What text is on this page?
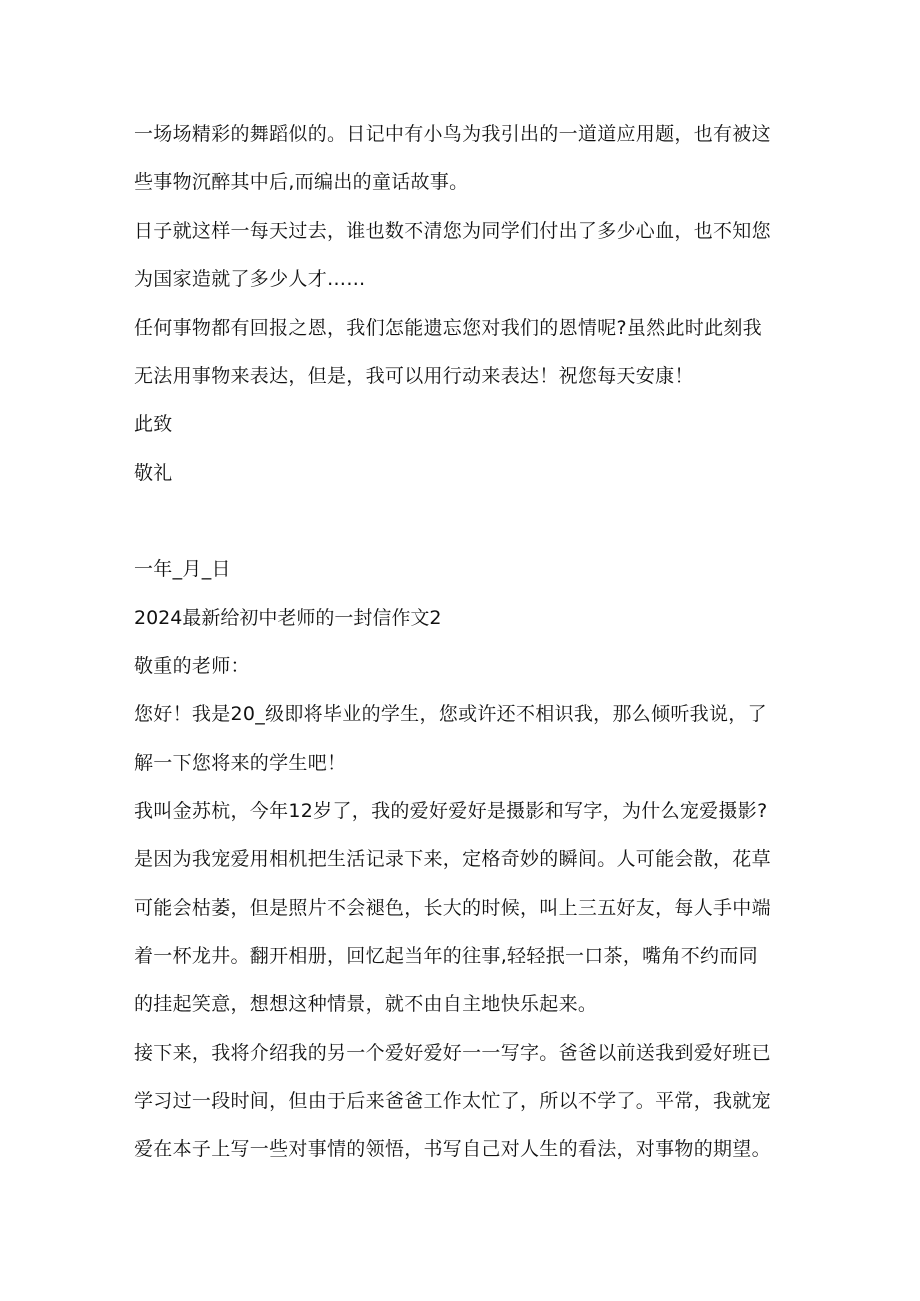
一场场精彩的舞蹈似的。日记中有小鸟为我引出的一道道应用题，也有被这
些事物沉醉其中后,而编出的童话故事。
日子就这样一每天过去，谁也数不清您为同学们付出了多少心血，也不知您
为国家造就了多少人才……
任何事物都有回报之恩，我们怎能遗忘您对我们的恩情呢?虽然此时此刻我
无法用事物来表达，但是，我可以用行动来表达！祝您每天安康！
此致
敬礼
一年_月_日
2024最新给初中老师的一封信作文2
敬重的老师：
您好！我是20_级即将毕业的学生，您或许还不相识我，那么倾听我说，了
解一下您将来的学生吧！
我叫金苏杭，今年12岁了，我的爱好爱好是摄影和写字，为什么宠爱摄影?
是因为我宠爱用相机把生活记录下来，定格奇妙的瞬间。人可能会散，花草
可能会枯萎，但是照片不会褪色，长大的时候，叫上三五好友，每人手中端
着一杯龙井。翻开相册，回忆起当年的往事,轻轻抿一口茶，嘴角不约而同
的挂起笑意，想想这种情景，就不由自主地快乐起来。
接下来，我将介绍我的另一个爱好爱好一一写字。爸爸以前送我到爱好班已
学习过一段时间，但由于后来爸爸工作太忙了，所以不学了。平常，我就宠
爱在本子上写一些对事情的领悟，书写自己对人生的看法，对事物的期望。
